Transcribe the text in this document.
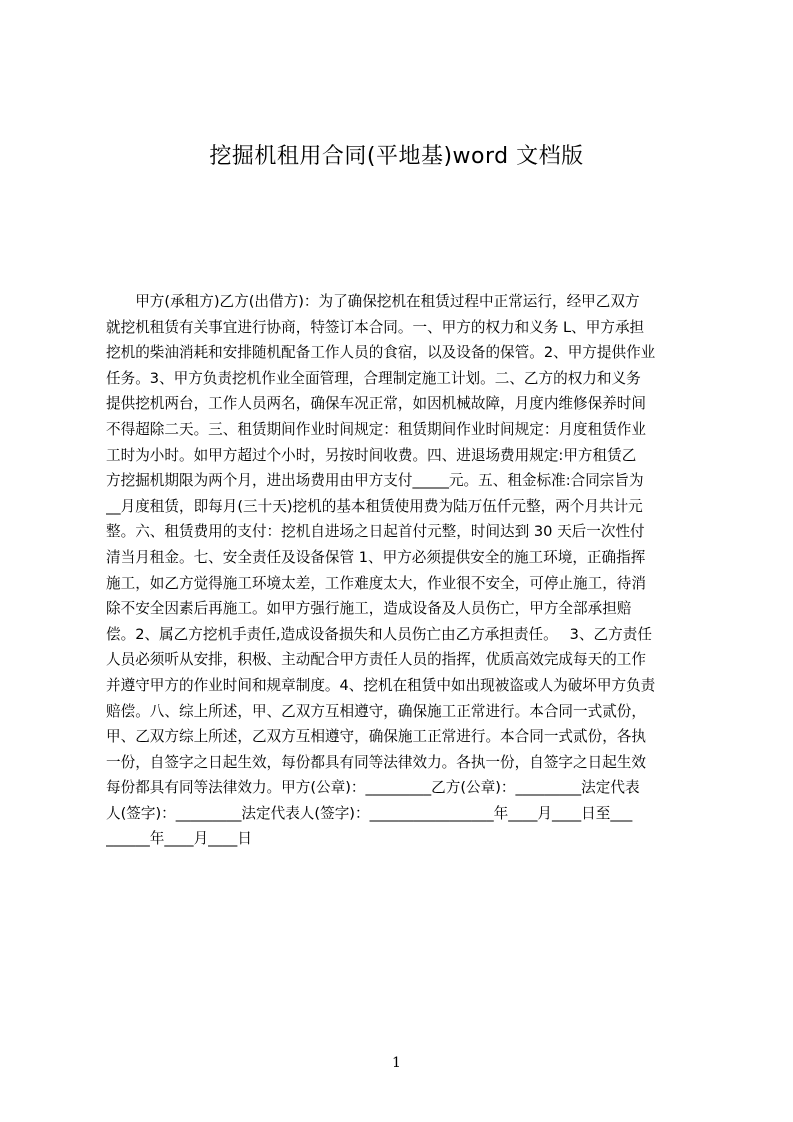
挖掘机租用合同(平地基)word 文档版
　　甲方(承租方)乙方(出借方)：为了确保挖机在租赁过程中正常运行，经甲乙双方
就挖机租赁有关事宜进行协商，特签订本合同。一、甲方的权力和义务 L、甲方承担
挖机的柴油消耗和安排随机配备工作人员的食宿，以及设备的保管。2、甲方提供作业
任务。3、甲方负责挖机作业全面管理，合理制定施工计划。二、乙方的权力和义务
提供挖机两台，工作人员两名，确保车况正常，如因机械故障，月度内维修保养时间
不得超除二天。三、租赁期间作业时间规定：租赁期间作业时间规定：月度租赁作业
工时为小时。如甲方超过个小时，另按时间收费。四、进退场费用规定:甲方租赁乙
方挖掘机期限为两个月，进出场费用由甲方支付_____元。五、租金标准:合同宗旨为
__月度租赁，即每月(三十天)挖机的基本租赁使用费为陆万伍仟元整，两个月共计元
整。六、租赁费用的支付：挖机自进场之日起首付元整，时间达到 30 天后一次性付
清当月租金。七、安全责任及设备保管 1、甲方必须提供安全的施工环境，正确指挥
施工，如乙方觉得施工环境太差，工作难度太大，作业很不安全，可停止施工，待消
除不安全因素后再施工。如甲方强行施工，造成设备及人员伤亡，甲方全部承担赔
偿。2、属乙方挖机手责任,造成设备损失和人员伤亡由乙方承担责任。　 3、乙方责任
人员必须听从安排，积极、主动配合甲方责任人员的指挥，优质高效完成每天的工作
并遵守甲方的作业时间和规章制度。4、挖机在租赁中如出现被盗或人为破坏甲方负责
赔偿。八、综上所述，甲、乙双方互相遵守，确保施工正常进行。本合同一式贰份，
甲、乙双方综上所述，乙双方互相遵守，确保施工正常进行。本合同一式贰份，各执
一份，自签字之日起生效，每份都具有同等法律效力。各执一份，自签字之日起生效
每份都具有同等法律效力。甲方(公章)：_________乙方(公章)：_________法定代表
人(签字)：_________法定代表人(签字)：_________________年____月____日至___
______年____月____日
1
